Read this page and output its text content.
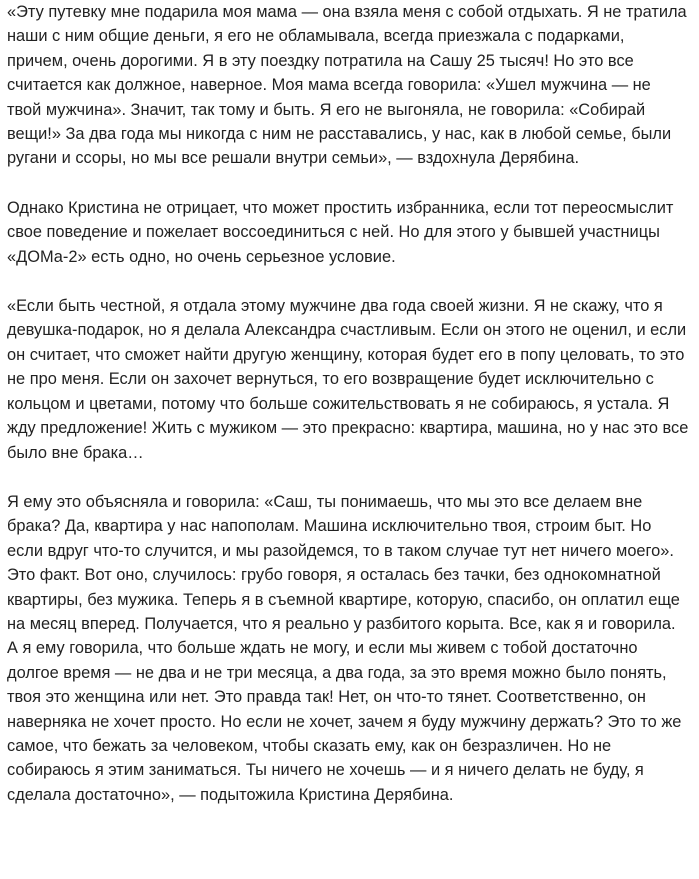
«Эту путевку мне подарила моя мама — она взяла меня с собой отдыхать. Я не тратила наши с ним общие деньги, я его не обламывала, всегда приезжала с подарками, причем, очень дорогими. Я в эту поездку потратила на Сашу 25 тысяч! Но это все считается как должное, наверное. Моя мама всегда говорила: «Ушел мужчина — не твой мужчина». Значит, так тому и быть. Я его не выгоняла, не говорила: «Собирай вещи!» За два года мы никогда с ним не расставались, у нас, как в любой семье, были ругани и ссоры, но мы все решали внутри семьи», — вздохнула Дерябина.

Однако Кристина не отрицает, что может простить избранника, если тот переосмыслит свое поведение и пожелает воссоединиться с ней. Но для этого у бывшей участницы «ДОМа-2» есть одно, но очень серьезное условие.

«Если быть честной, я отдала этому мужчине два года своей жизни. Я не скажу, что я девушка-подарок, но я делала Александра счастливым. Если он этого не оценил, и если он считает, что сможет найти другую женщину, которая будет его в попу целовать, то это не про меня. Если он захочет вернуться, то его возвращение будет исключительно с кольцом и цветами, потому что больше сожительствовать я не собираюсь, я устала. Я жду предложение! Жить с мужиком — это прекрасно: квартира, машина, но у нас это все было вне брака…

Я ему это объясняла и говорила: «Саш, ты понимаешь, что мы это все делаем вне брака? Да, квартира у нас напополам. Машина исключительно твоя, строим быт. Но если вдруг что-то случится, и мы разойдемся, то в таком случае тут нет ничего моего». Это факт. Вот оно, случилось: грубо говоря, я осталась без тачки, без однокомнатной квартиры, без мужика. Теперь я в съемной квартире, которую, спасибо, он оплатил еще на месяц вперед. Получается, что я реально у разбитого корыта. Все, как я и говорила. А я ему говорила, что больше ждать не могу, и если мы живем с тобой достаточно долгое время — не два и не три месяца, а два года, за это время можно было понять, твоя это женщина или нет. Это правда так! Нет, он что-то тянет. Соответственно, он наверняка не хочет просто. Но если не хочет, зачем я буду мужчину держать? Это то же самое, что бежать за человеком, чтобы сказать ему, как он безразличен. Но не собираюсь я этим заниматься. Ты ничего не хочешь — и я ничего делать не буду, я сделала достаточно», — подытожила Кристина Дерябина.
